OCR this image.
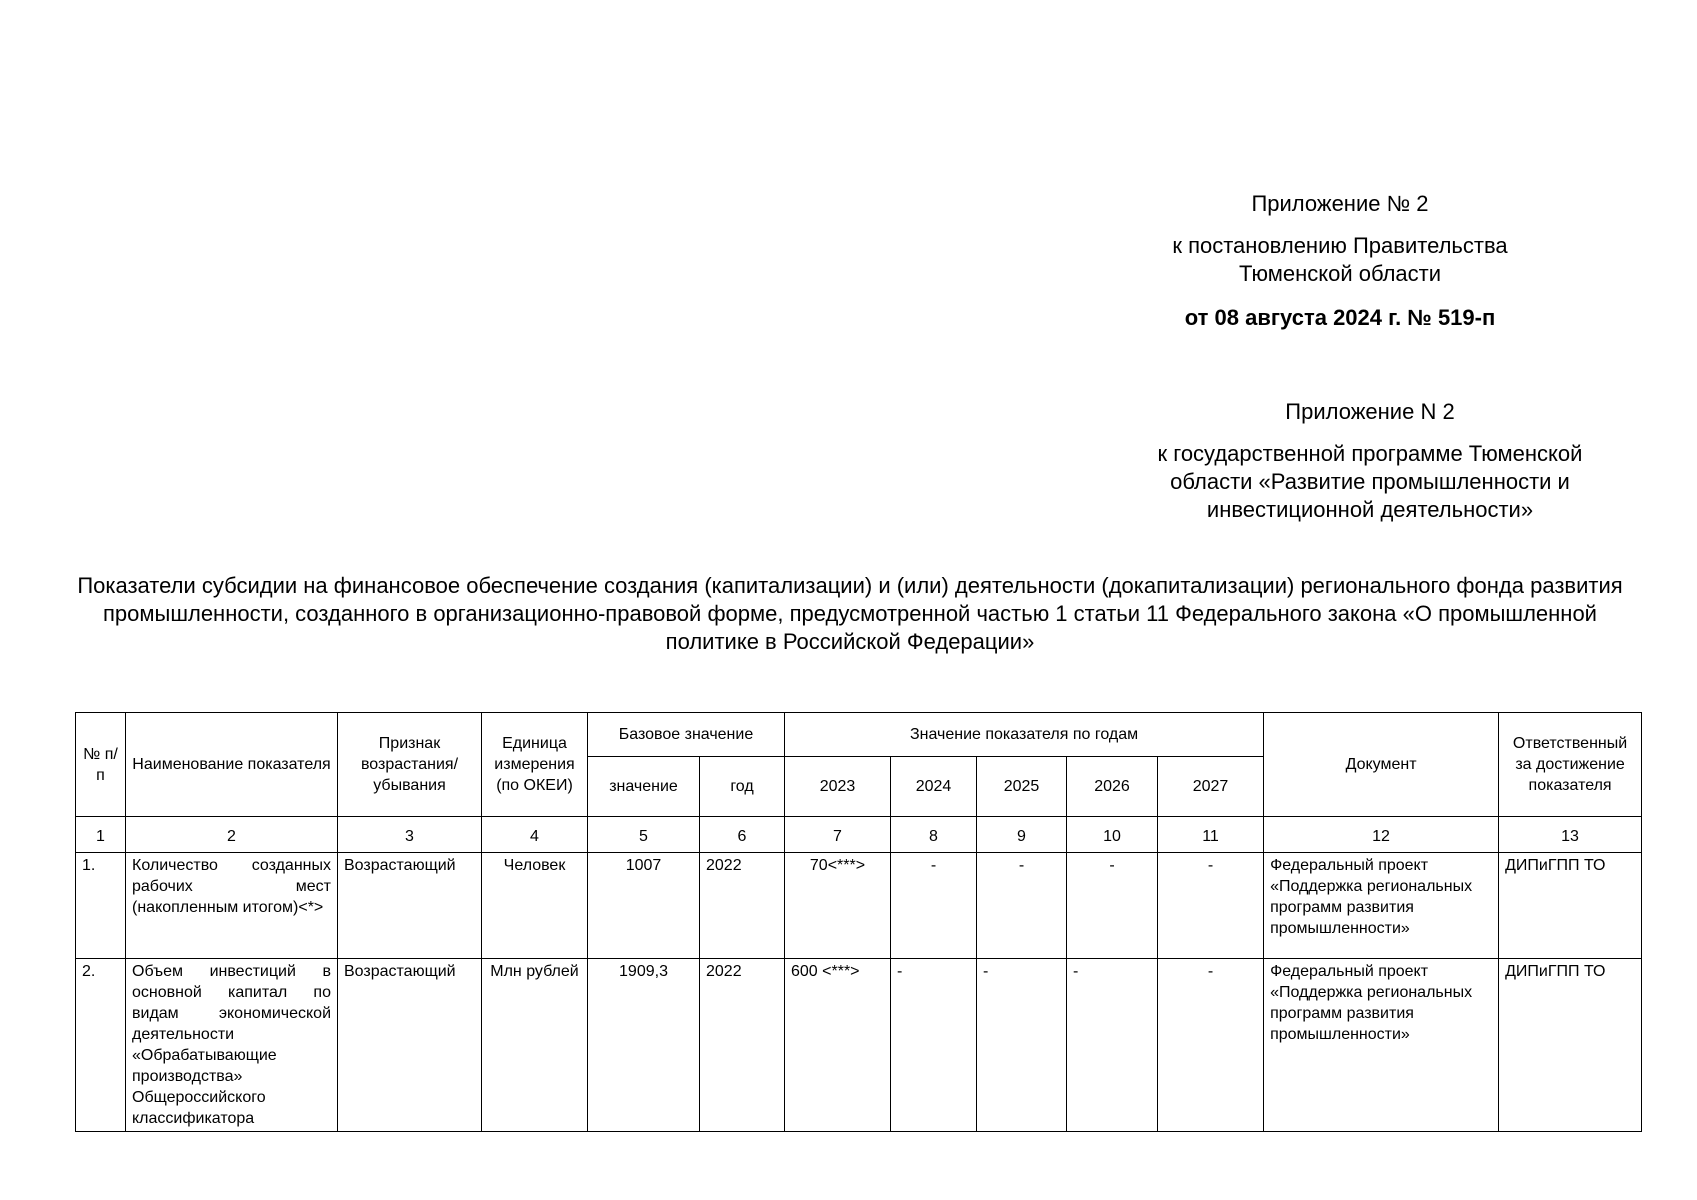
Приложение № 2
к постановлению Правительства
Тюменской области
от 08 августа 2024 г. № 519-п
Приложение N 2
к государственной программе Тюменской области «Развитие промышленности и инвестиционной деятельности»
Показатели субсидии на финансовое обеспечение создания (капитализации) и (или) деятельности (докапитализации) регионального фонда развития промышленности, созданного в организационно-правовой форме, предусмотренной частью 1 статьи 11 Федерального закона «О промышленной политике в Российской Федерации»
№ п/п	Наименование показателя	Признак возрастания/ убывания	Единица измерения (по ОКЕИ)	Базовое значение		Значение показателя по годам					Документ	Ответственный за достижение показателя
				значение	год	2023	2024	2025	2026	2027		
1	2	3	4	5	6	7	8	9	10	11	12	13
1.	Количество созданных рабочих мест (накопленным итогом)<*>	Возрастающий	Человек	1007	2022	70<***>	-	-	-	-	Федеральный проект «Поддержка региональных программ развития промышленности»	ДИПиГПП ТО
2.	Объем инвестиций в основной капитал по видам экономической деятельности «Обрабатывающие производства» Общероссийского классификатора	Возрастающий	Млн рублей	1909,3	2022	600 <***>	-	-	-	-	Федеральный проект «Поддержка региональных программ развития промышленности»	ДИПиГПП ТО
